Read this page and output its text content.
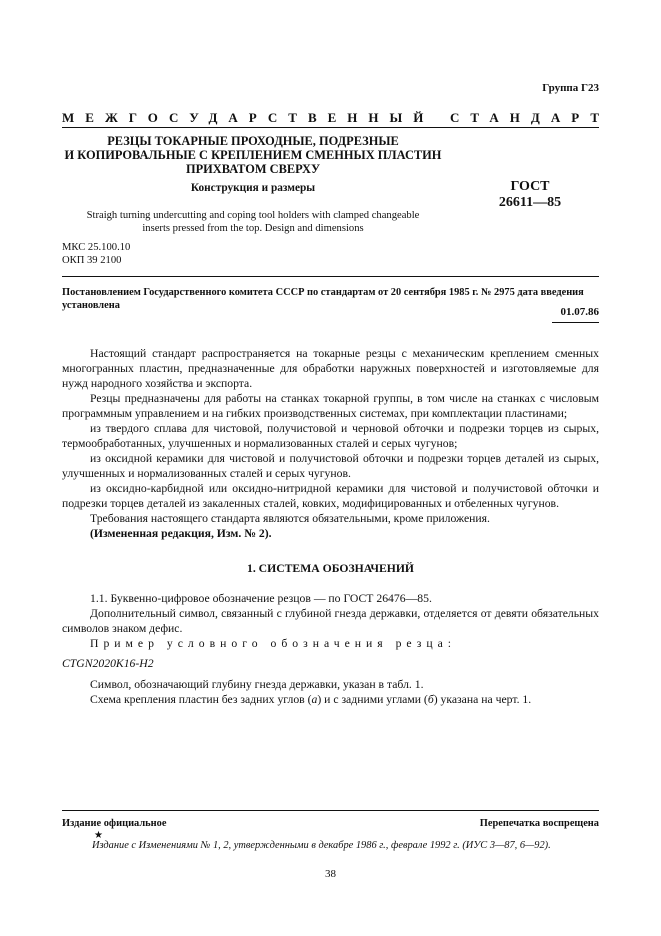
Группа Г23
МЕЖГОСУДАРСТВЕННЫЙ СТАНДАРТ
РЕЗЦЫ ТОКАРНЫЕ ПРОХОДНЫЕ, ПОДРЕЗНЫЕ
И КОПИРОВАЛЬНЫЕ С КРЕПЛЕНИЕМ СМЕННЫХ ПЛАСТИН
ПРИХВАТОМ СВЕРХУ
Конструкция и размеры	ГОСТ
26611—85
Straigh turning undercutting and coping tool holders with clamped changeable
inserts pressed from the top. Design and dimensions
МКС 25.100.10
ОКП 39 2100
Постановлением Государственного комитета СССР по стандартам от 20 сентября 1985 г. № 2975 дата введения установлена
01.07.86

Настоящий стандарт распространяется на токарные резцы с механическим креплением сменных многогранных пластин, предназначенные для обработки наружных поверхностей и изготовляемые для нужд народного хозяйства и экспорта.

Резцы предназначены для работы на станках токарной группы, в том числе на станках с числовым программным управлением и на гибких производственных системах, при комплектации пластинами;

из твердого сплава для чистовой, получистовой и черновой обточки и подрезки торцев из сырых, термообработанных, улучшенных и нормализованных сталей и серых чугунов;

из оксидной керамики для чистовой и получистовой обточки и подрезки торцев деталей из сырых, улучшенных и нормализованных сталей и серых чугунов.

из оксидно-карбидной или оксидно-нитридной керамики для чистовой и получистовой обточки и подрезки торцев деталей из закаленных сталей, ковких, модифицированных и отбеленных чугунов.

Требования настоящего стандарта являются обязательными, кроме приложения.

(Измененная редакция, Изм. № 2).

1. СИСТЕМА ОБОЗНАЧЕНИЙ

1.1. Буквенно-цифровое обозначение резцов — по ГОСТ 26476—85.

Дополнительный символ, связанный с глубиной гнезда державки, отделяется от девяти обязательных символов знаком дефис.

Пример условного обозначения резца:

CTGN2020K16-H2

Символ, обозначающий глубину гнезда державки, указан в табл. 1.

Схема крепления пластин без задних углов (а) и с задними углами (б) указана на черт. 1.

Издание официальное	Перепечатка воспрещена
★
Издание с Изменениями № 1, 2, утвержденными в декабре 1986 г., феврале 1992 г. (ИУС 3—87, 6—92).
38
